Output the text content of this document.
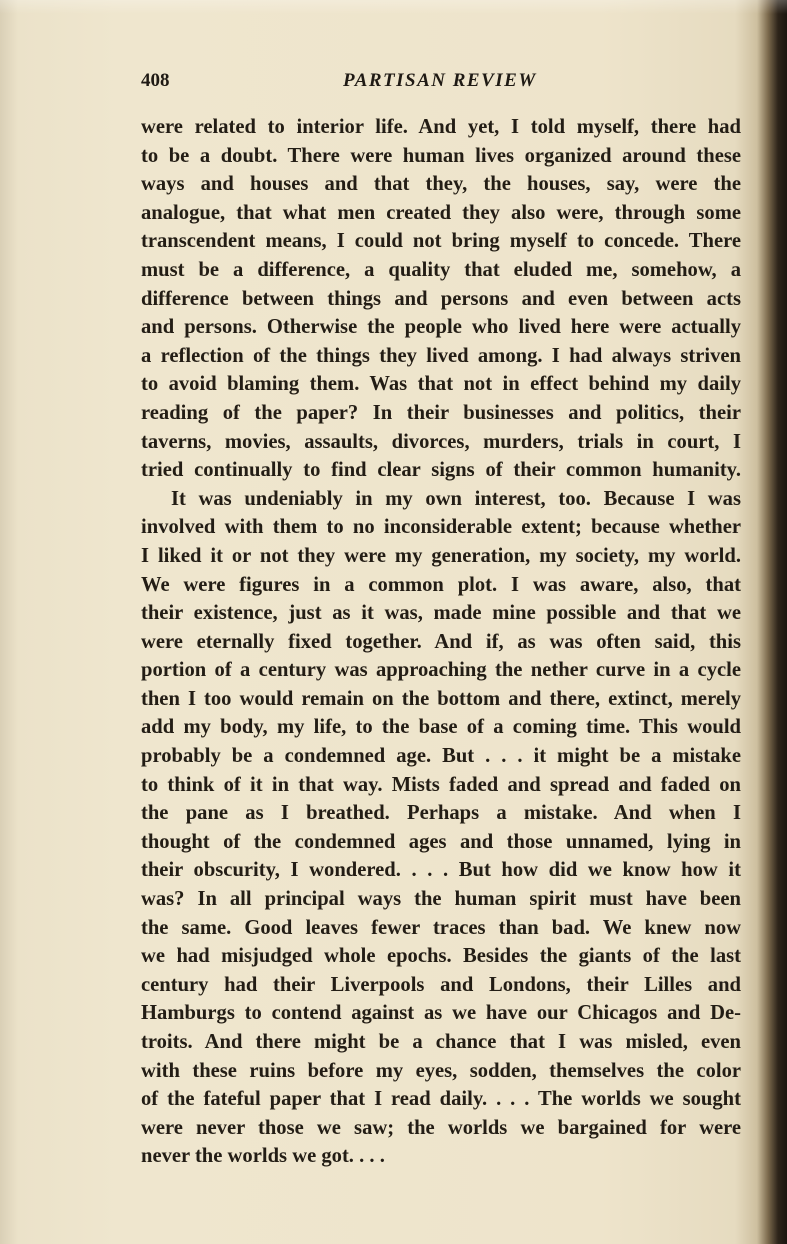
408	PARTISAN REVIEW
were related to interior life. And yet, I told myself, there had
to be a doubt. There were human lives organized around these
ways and houses and that they, the houses, say, were the
analogue, that what men created they also were, through some
transcendent means, I could not bring myself to concede. There
must be a difference, a quality that eluded me, somehow, a
difference between things and persons and even between acts
and persons. Otherwise the people who lived here were actually
a reflection of the things they lived among. I had always striven
to avoid blaming them. Was that not in effect behind my daily
reading of the paper? In their businesses and politics, their
taverns, movies, assaults, divorces, murders, trials in court, I
tried continually to find clear signs of their common humanity.
It was undeniably in my own interest, too. Because I was
involved with them to no inconsiderable extent; because whether
I liked it or not they were my generation, my society, my world.
We were figures in a common plot. I was aware, also, that
their existence, just as it was, made mine possible and that we
were eternally fixed together. And if, as was often said, this
portion of a century was approaching the nether curve in a cycle
then I too would remain on the bottom and there, extinct, merely
add my body, my life, to the base of a coming time. This would
probably be a condemned age. But . . . it might be a mistake
to think of it in that way. Mists faded and spread and faded on
the pane as I breathed. Perhaps a mistake. And when I
thought of the condemned ages and those unnamed, lying in
their obscurity, I wondered. . . . But how did we know how it
was? In all principal ways the human spirit must have been
the same. Good leaves fewer traces than bad. We knew now
we had misjudged whole epochs. Besides the giants of the last
century had their Liverpools and Londons, their Lilles and
Hamburgs to contend against as we have our Chicagos and De-
troits. And there might be a chance that I was misled, even
with these ruins before my eyes, sodden, themselves the color
of the fateful paper that I read daily. . . . The worlds we sought
were never those we saw; the worlds we bargained for were
never the worlds we got. . . .
